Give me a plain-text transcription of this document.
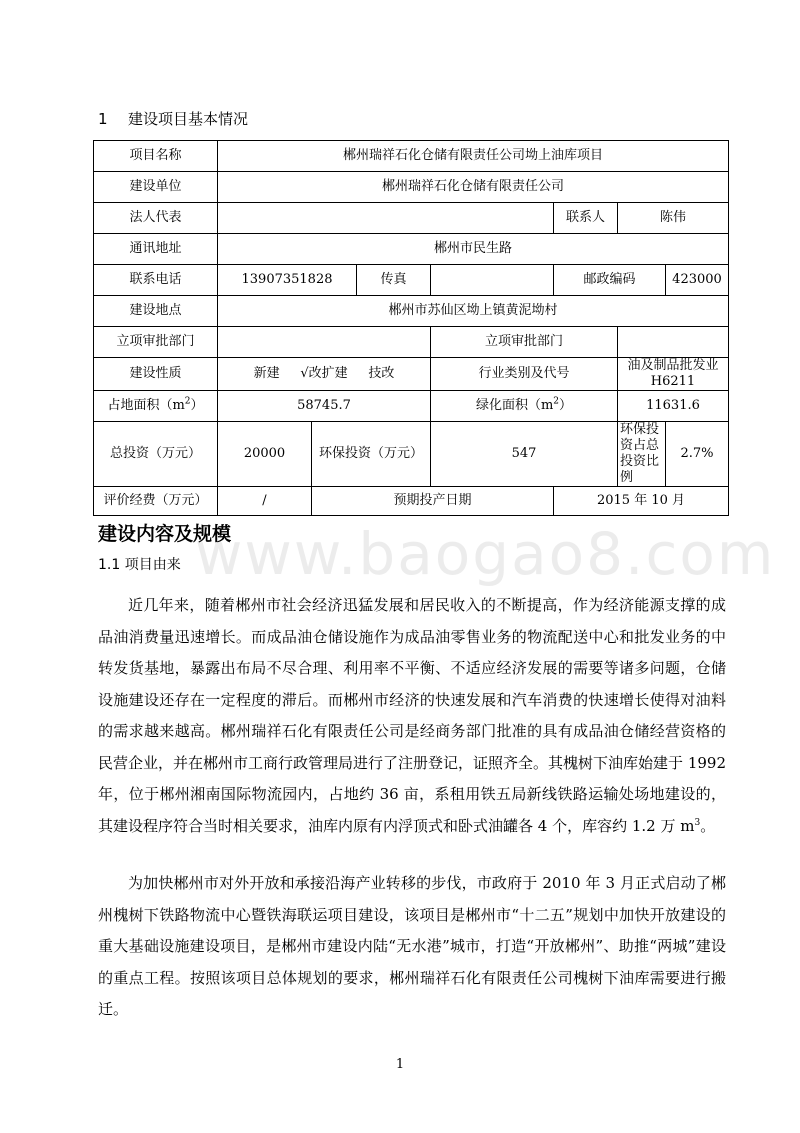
1 建设项目基本情况
项目名称	郴州瑞祥石化仓储有限责任公司坳上油库项目						
建设单位	郴州瑞祥石化仓储有限责任公司						
法人代表					联系人	陈伟	
通讯地址	郴州市民生路						
联系电话	13907351828		传真		邮政编码		423000
建设地点	郴州市苏仙区坳上镇黄泥坳村						
立项审批部门				立项审批部门			
建设性质	新建 √改扩建 技改			行业类别及代号		油及制品批发业 H6211	
占地面积$(m^2)$	58745.7			绿化面积$(m^2)$		11631.6	
总投资（万元）	20000	环保投资（万元）		547		环保投资占总投资比例	2.7%
评价经费（万元）	/	预期投产日期			2015 年 10 月		
www.baogao8.com
建设内容及规模
1.1 项目由来

近几年来，随着郴州市社会经济迅猛发展和居民收入的不断提高，作为经济能源支撑的成品油消费量迅速增长。而成品油仓储设施作为成品油零售业务的物流配送中心和批发业务的中转发货基地，暴露出布局不尽合理、利用率不平衡、不适应经济发展的需要等诸多问题，仓储设施建设还存在一定程度的滞后。而郴州市经济的快速发展和汽车消费的快速增长使得对油料的需求越来越高。郴州瑞祥石化有限责任公司是经商务部门批准的具有成品油仓储经营资格的民营企业，并在郴州市工商行政管理局进行了注册登记，证照齐全。其槐树下油库始建于 1992 年，位于郴州湘南国际物流园内，占地约 36 亩，系租用铁五局新线铁路运输处场地建设的，其建设程序符合当时相关要求，油库内原有内浮顶式和卧式油罐各 4 个，库容约 1.2 万 $m^3$。

为加快郴州市对外开放和承接沿海产业转移的步伐，市政府于 2010 年 3 月正式启动了郴州槐树下铁路物流中心暨铁海联运项目建设，该项目是郴州市“十二五”规划中加快开放建设的重大基础设施建设项目，是郴州市建设内陆“无水港”城市，打造“开放郴州”、助推“两城”建设的重点工程。按照该项目总体规划的要求，郴州瑞祥石化有限责任公司槐树下油库需要进行搬迁。

1
